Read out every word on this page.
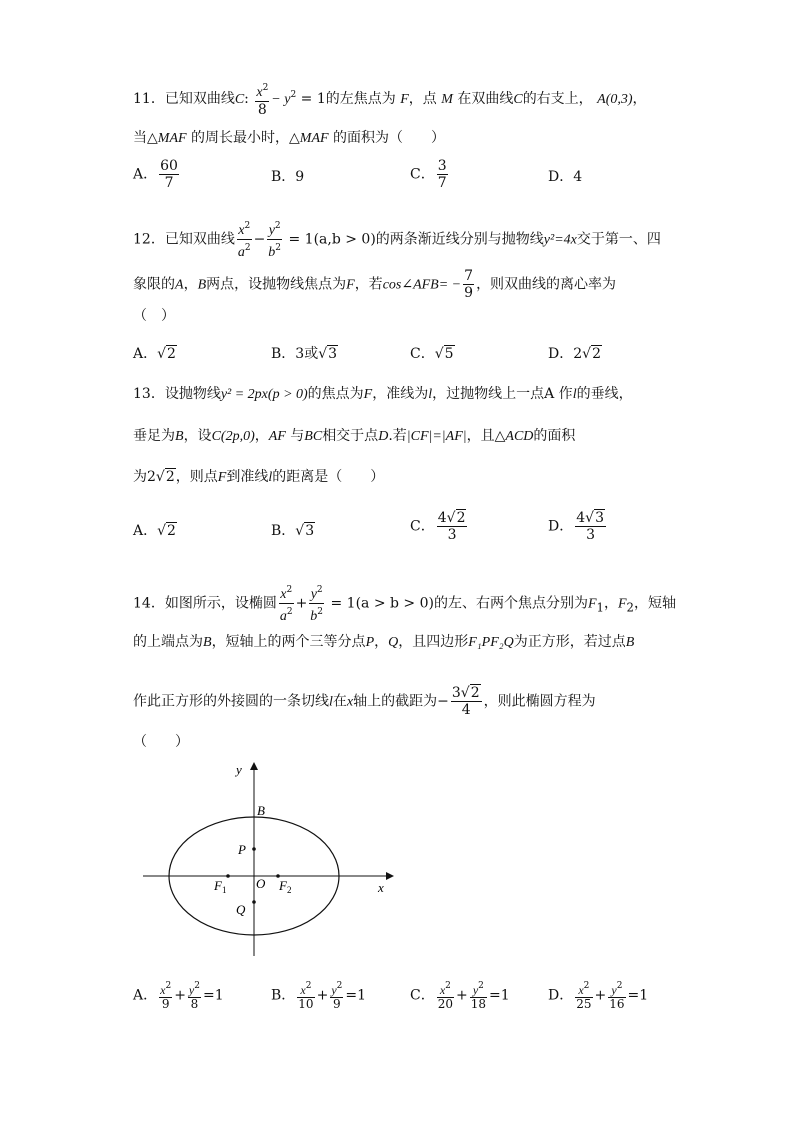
11．已知双曲线C: $\frac{x^2}{8} - y^2 = 1$的左焦点为 F，点 M 在双曲线C的右支上， A(0,3)，
当△MAF 的周长最小时，△MAF 的面积为（　　）
A． $\frac{60}{7}$	B．9	C． $\frac{3}{7}$	D．4
12．已知双曲线 $\frac{x^2}{a^2} - \frac{y^2}{b^2} = 1(a,b > 0)$的两条渐近线分别与抛物线y²=4x交于第一、四
象限的A，B两点，设抛物线焦点为F，若cos∠AFB= − $\frac{7}{9}$ ，则双曲线的离心率为
（　）
A．√2	B．3或√3	C．√5	D．2√2
13．设抛物线y² = 2px(p > 0)的焦点为F，准线为l，过抛物线上一点A 作l的垂线，
垂足为B，设C(2p,0)，AF 与BC相交于点D.若|CF|=|AF|，且△ACD的面积
为2√2，则点F到准线l的距离是（　　）
A．√2	B．√3	C． $\frac{4√2}{3}$	D． $\frac{4√3}{3}$
14．如图所示，设椭圆 $\frac{x^2}{a^2} + \frac{y^2}{b^2} = 1(a > b > 0)$的左、右两个焦点分别为$F_1$，$F_2$，短轴
的上端点为B，短轴上的两个三等分点P，Q，且四边形F₁PF₂Q为正方形，若过点B
作此正方形的外接圆的一条切线l在x轴上的截距为− $\frac{3√2}{4}$ ，则此椭圆方程为
（　　）
y
x
B
P
O
Q
$F_1$	$F_2$
A． $\frac{x^2}{9} + \frac{y^2}{8} =1$	B． $\frac{x^2}{10} + \frac{y^2}{9} =1$	C． $\frac{x^2}{20} + \frac{y^2}{18} =1$	D． $\frac{x^2}{25} + \frac{y^2}{16} =1$
